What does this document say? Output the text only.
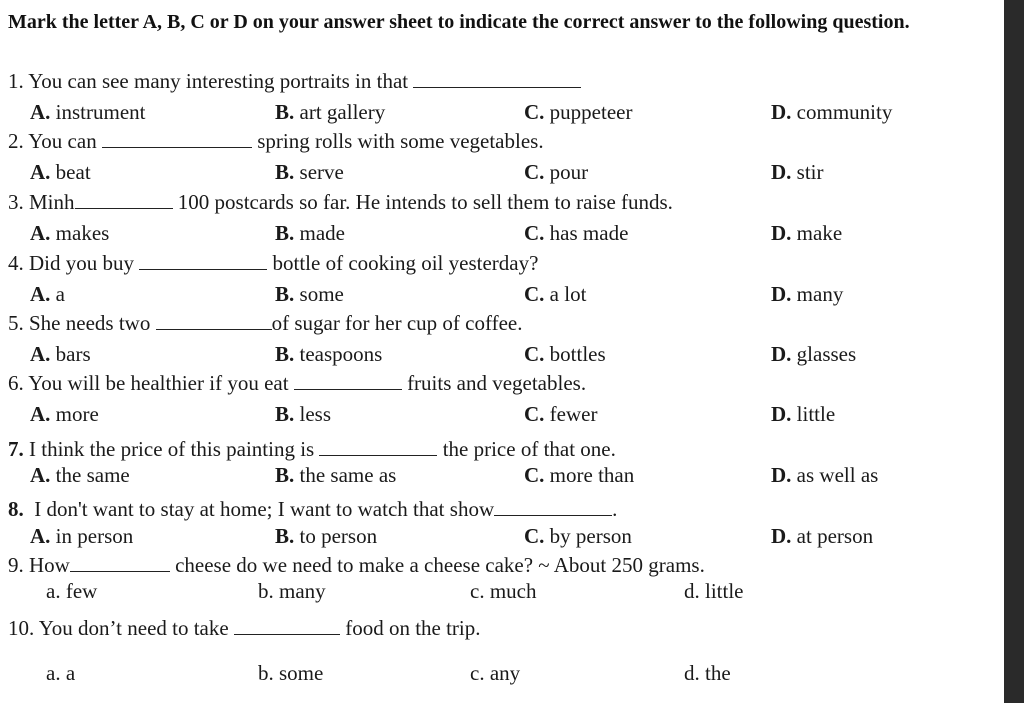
Mark the letter A, B, C or D on your answer sheet to indicate the correct answer to the following question.
1. You can see many interesting portraits in that
A. instrument	B. art gallery	C. puppeteer	D. community
2. You can	spring rolls with some vegetables.
A. beat	B. serve	C. pour	D. stir
3. Minh	100 postcards so far. He intends to sell them to raise funds.
A. makes	B. made	C. has made	D. make
4. Did you buy	bottle of cooking oil yesterday?
A. a	B. some	C. a lot	D. many
5. She needs two	of sugar for her cup of coffee.
A. bars	B. teaspoons	C. bottles	D. glasses
6. You will be healthier if you eat	fruits and vegetables.
A. more	B. less	C. fewer	D. little
7. I think the price of this painting is	the price of that one.
A. the same	B. the same as	C. more than	D. as well as
8. I don't want to stay at home; I want to watch that show	.
A. in person	B. to person	C. by person	D. at person
9. How	cheese do we need to make a cheese cake? ~ About 250 grams.
a. few	b. many	c. much	d. little
10. You don’t need to take	food on the trip.
a. a	b. some	c. any	d. the
